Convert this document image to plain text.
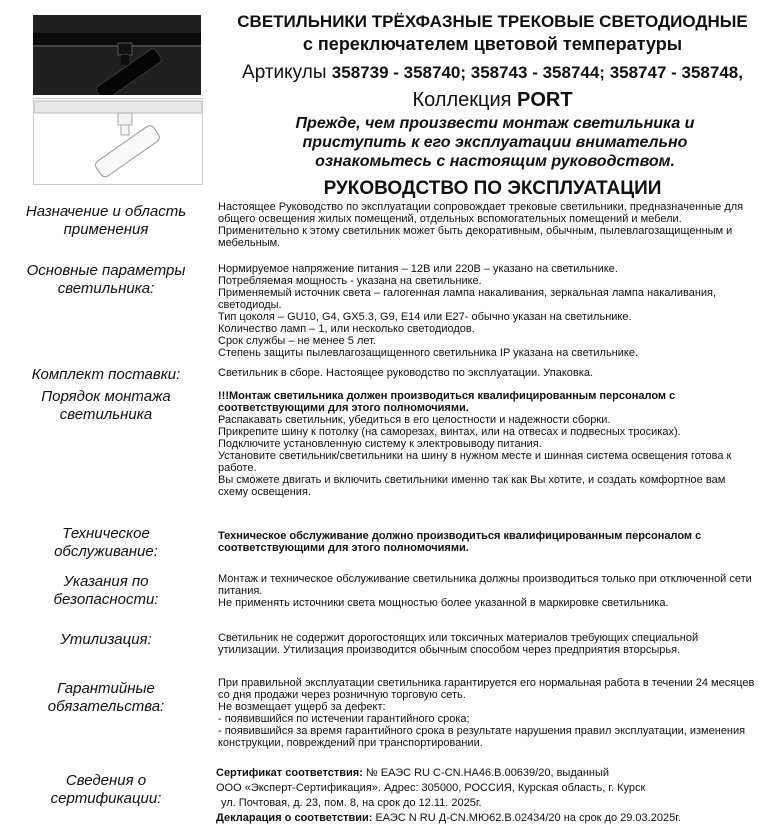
СВЕТИЛЬНИКИ ТРЁХФАЗНЫЕ ТРЕКОВЫЕ СВЕТОДИОДНЫЕ
с переключателем цветовой температуры
Артикулы 358739 - 358740; 358743 - 358744; 358747 - 358748,
Коллекция PORT
Прежде, чем произвести монтаж светильника и приступить к его эксплуатации внимательно ознакомьтесь с настоящим руководством.
РУКОВОДСТВО ПО ЭКСПЛУАТАЦИИ
Назначение и область применения
Настоящее Руководство по эксплуатации сопровождает трековые светильники, предназначенные для общего освещения жилых помещений, отдельных вспомогательных помещений и мебели. Применительно к этому светильник может быть декоративным, обычным, пылевлагозащищенным и мебельным.
Основные параметры светильника:

Нормируемое напряжение питания – 12В или 220В – указано на светильнике.

Потребляемая мощность - указана на светильнике.

Применяемый источник света – галогенная лампа накаливания, зеркальная лампа накаливания, светодиоды.

Тип цоколя – GU10, G4, GX5.3, G9, E14 или E27- обычно указан на светильнике.

Количество ламп – 1, или несколько светодиодов.

Срок службы – не менее 5 лет.

Степень защиты пылевлагозащищенного светильника IP указана на светильнике.

Комплект поставки:	Светильник в сборе. Настоящее руководство по эксплуатации. Упаковка.
Порядок монтажа светильника

!!!Монтаж светильника должен производиться квалифицированным персоналом с соответствующими для этого полномочиями.

Распакавать светильник, убедиться в его целостности и надежности сборки.

Прикрепите шину к потолку (на саморезах, винтах, или на отвесах и подвесных тросиках).

Подключите установленную систему к электровыводу питания.

Установите светильник/светильники на шину в нужном месте и шинная система освещения готова к работе.

Вы сможете двигать и включить светильники именно так как Вы хотите, и создать комфортное вам схему освещения.

Техническое обслуживание:
Техническое обслуживание должно производиться квалифицированным персоналом с соответствующими для этого полномочиями.
Указания по безопасности:

Монтаж и техническое обслуживание светильника должны производиться только при отключенной сети питания.

Не применять источники света мощностью более указанной в маркировке светильника.

Утилизация:	Светильник не содержит дорогостоящих или токсичных материалов требующих специальной утилизации. Утилизация производится обычным способом через предприятия вторсырья.
Гарантийные обязательства:

При правильной эксплуатации светильника гарантируется его нормальная работа в течении 24 месяцев со дня продажи через розничную торговую сеть.

Не возмещает ущерб за дефект:

- появившийся по истечении гарантийного срока;

- появившийся за время гарантийного срока в результате нарушения правил эксплуатации, изменения конструкции, повреждений при транспортировании.

Сведения о сертификации:

Сертификат соответствия: № ЕАЭС RU С-CN.НА46.В.00639/20, выданный

ООО «Эксперт-Сертификация». Адрес: 305000, РОССИЯ, Курская область, г. Курск

ул. Почтовая, д. 23, пом. 8, на срок до 12.11. 2025г.

Декларация о соответствии: ЕАЭС N RU Д-CN.МЮ62.В.02434/20 на срок до 29.03.2025г.
